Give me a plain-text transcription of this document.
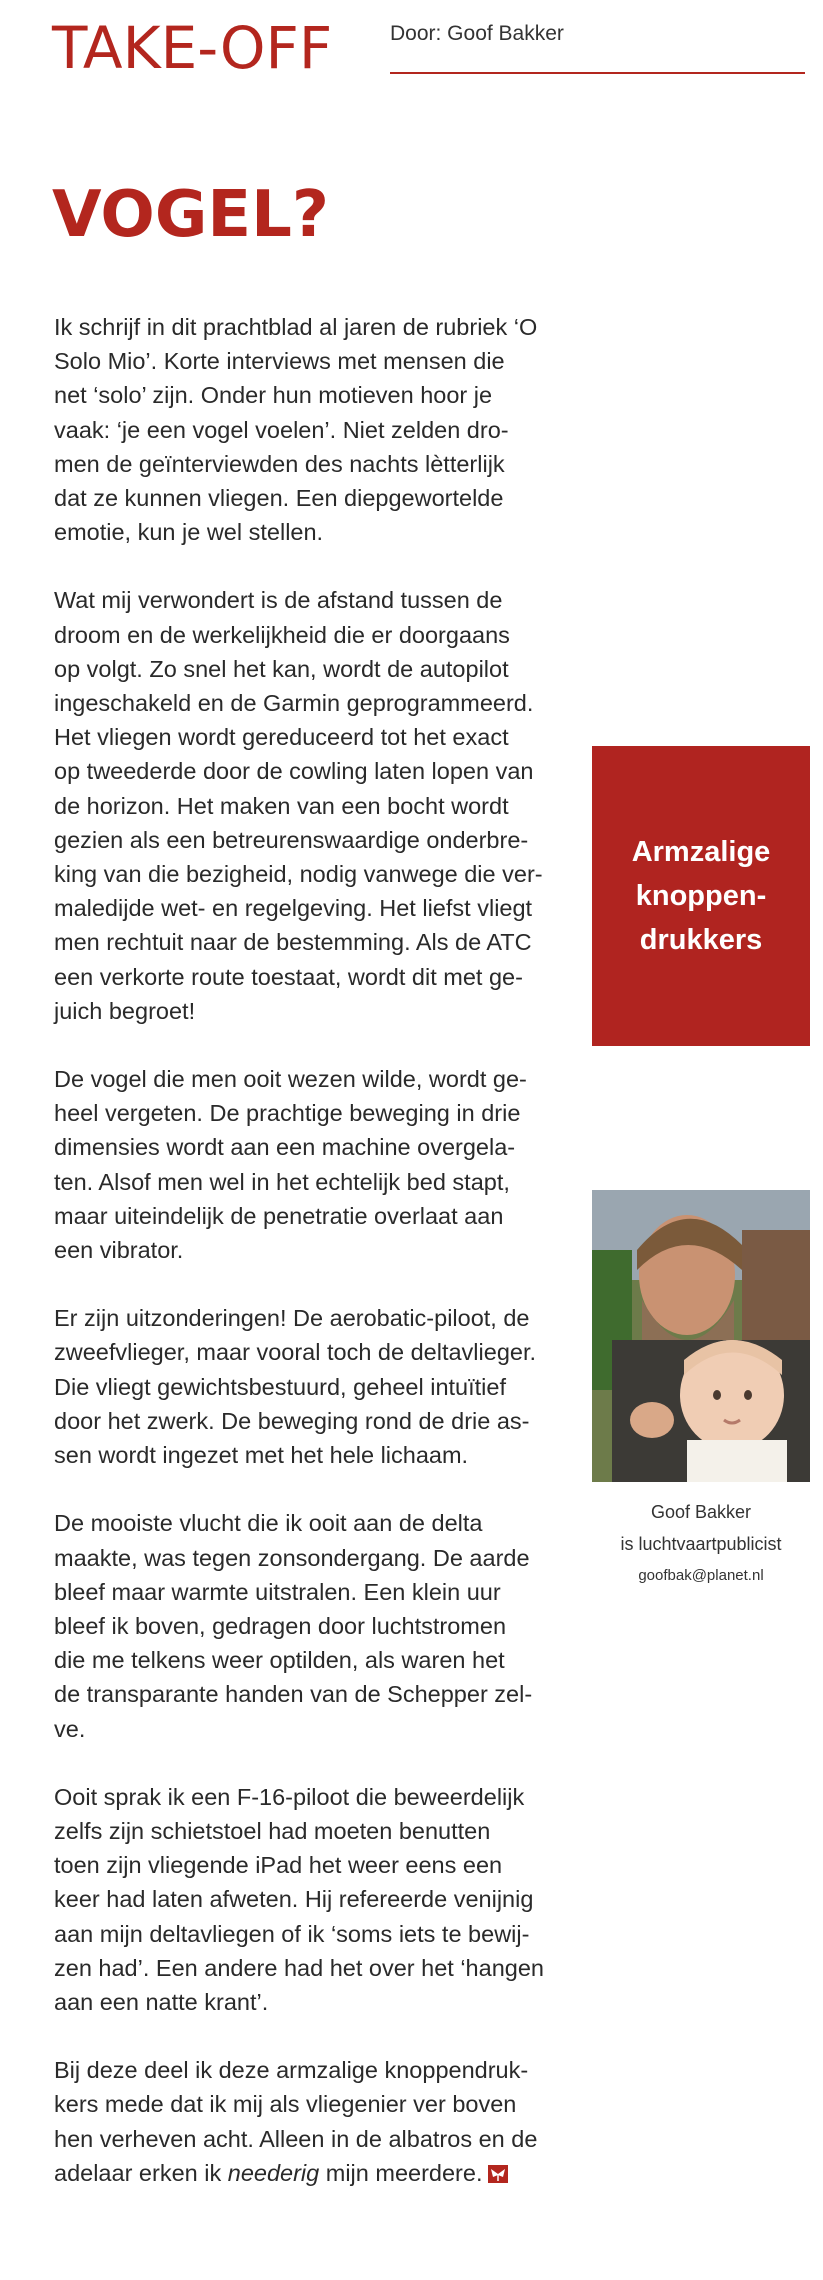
TAKE-OFF	Door: Goof Bakker
VOGEL?

Ik schrijf in dit prachtblad al jaren de rubriek ‘O
Solo Mio’. Korte interviews met mensen die
net ‘solo’ zijn. Onder hun motieven hoor je
vaak: ‘je een vogel voelen’. Niet zelden dro-
men de geïnterviewden des nachts lètterlijk
dat ze kunnen vliegen. Een diepgewortelde
emotie, kun je wel stellen.

Wat mij verwondert is de afstand tussen de
droom en de werkelijkheid die er doorgaans
op volgt. Zo snel het kan, wordt de autopilot
ingeschakeld en de Garmin geprogrammeerd.
Het vliegen wordt gereduceerd tot het exact
op tweederde door de cowling laten lopen van
de horizon. Het maken van een bocht wordt
gezien als een betreurenswaardige onderbre-
king van die bezigheid, nodig vanwege die ver-
maledijde wet- en regelgeving. Het liefst vliegt
men rechtuit naar de bestemming. Als de ATC
een verkorte route toestaat, wordt dit met ge-
juich begroet!

De vogel die men ooit wezen wilde, wordt ge-
heel vergeten. De prachtige beweging in drie
dimensies wordt aan een machine overgela-
ten. Alsof men wel in het echtelijk bed stapt,
maar uiteindelijk de penetratie overlaat aan
een vibrator.

Er zijn uitzonderingen! De aerobatic-piloot, de
zweefvlieger, maar vooral toch de deltavlieger.
Die vliegt gewichtsbestuurd, geheel intuïtief
door het zwerk. De beweging rond de drie as-
sen wordt ingezet met het hele lichaam.

De mooiste vlucht die ik ooit aan de delta
maakte, was tegen zonsondergang. De aarde
bleef maar warmte uitstralen. Een klein uur
bleef ik boven, gedragen door luchtstromen
die me telkens weer optilden, als waren het
de transparante handen van de Schepper zel-
ve.

Ooit sprak ik een F-16-piloot die beweerdelijk
zelfs zijn schietstoel had moeten benutten
toen zijn vliegende iPad het weer eens een
keer had laten afweten. Hij refereerde venijnig
aan mijn deltavliegen of ik ‘soms iets te bewij-
zen had’. Een andere had het over het ‘hangen
aan een natte krant’.

Bij deze deel ik deze armzalige knoppendruk-
kers mede dat ik mij als vliegenier ver boven
hen verheven acht. Alleen in de albatros en de
adelaar erken ik neederig mijn meerdere.

Armzalige
knoppen-
drukkers
Goof Bakker
is luchtvaartpublicist
goofbak@planet.nl
